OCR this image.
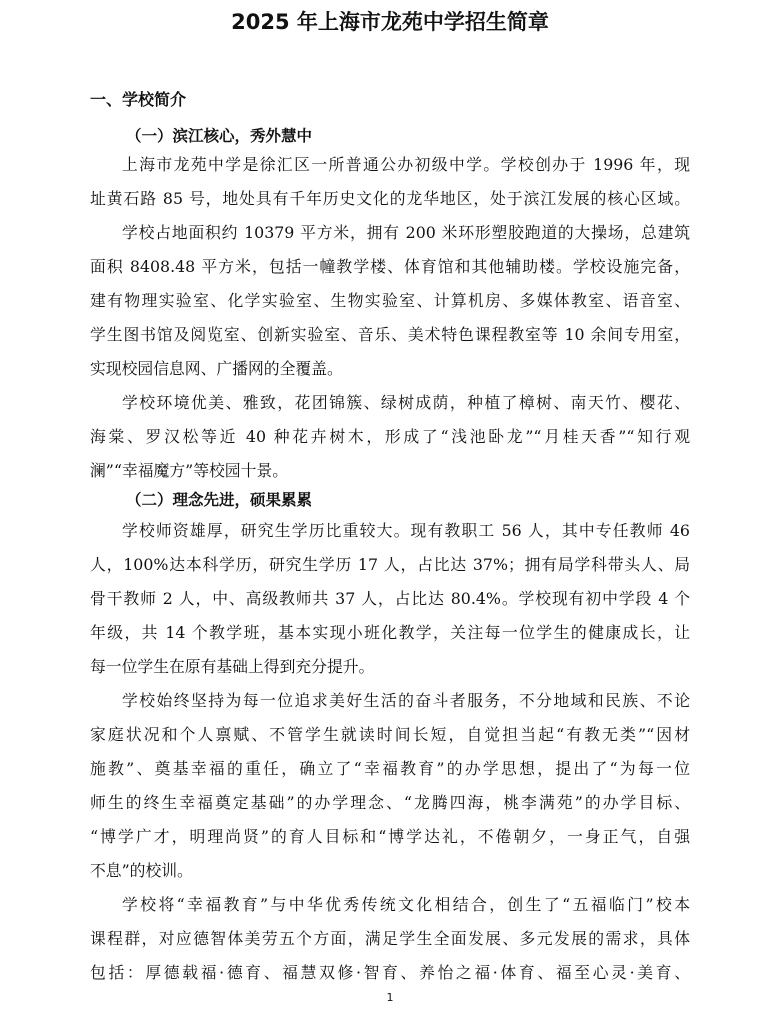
2025 年上海市龙苑中学招生简章
一、学校简介
（一）滨江核心，秀外慧中
上海市龙苑中学是徐汇区一所普通公办初级中学。学校创办于 1996 年，现
址黄石路 85 号，地处具有千年历史文化的龙华地区，处于滨江发展的核心区域。
学校占地面积约 10379 平方米，拥有 200 米环形塑胶跑道的大操场，总建筑
面积 8408.48 平方米，包括一幢教学楼、体育馆和其他辅助楼。学校设施完备，
建有物理实验室、化学实验室、生物实验室、计算机房、多媒体教室、语音室、
学生图书馆及阅览室、创新实验室、音乐、美术特色课程教室等 10 余间专用室，
实现校园信息网、广播网的全覆盖。
学校环境优美、雅致，花团锦簇、绿树成荫，种植了樟树、南天竹、樱花、
海棠、罗汉松等近 40 种花卉树木，形成了“浅池卧龙”“月桂天香”“知行观
澜”“幸福魔方”等校园十景。
（二）理念先进，硕果累累
学校师资雄厚，研究生学历比重较大。现有教职工 56 人，其中专任教师 46
人，100%达本科学历，研究生学历 17 人，占比达 37%；拥有局学科带头人、局
骨干教师 2 人，中、高级教师共 37 人，占比达 80.4%。学校现有初中学段 4 个
年级，共 14 个教学班，基本实现小班化教学，关注每一位学生的健康成长，让
每一位学生在原有基础上得到充分提升。
学校始终坚持为每一位追求美好生活的奋斗者服务，不分地域和民族、不论
家庭状况和个人禀赋、不管学生就读时间长短，自觉担当起“有教无类”“因材
施教”、奠基幸福的重任，确立了“幸福教育”的办学思想，提出了“为每一位
师生的终生幸福奠定基础”的办学理念、“龙腾四海，桃李满苑”的办学目标、
“博学广才，明理尚贤”的育人目标和“博学达礼，不倦朝夕，一身正气，自强
不息”的校训。
学校将“幸福教育”与中华优秀传统文化相结合，创生了“五福临门”校本
课程群，对应德智体美劳五个方面，满足学生全面发展、多元发展的需求，具体
包括：厚德载福·德育、福慧双修·智育、养怡之福·体育、福至心灵·美育、
1
